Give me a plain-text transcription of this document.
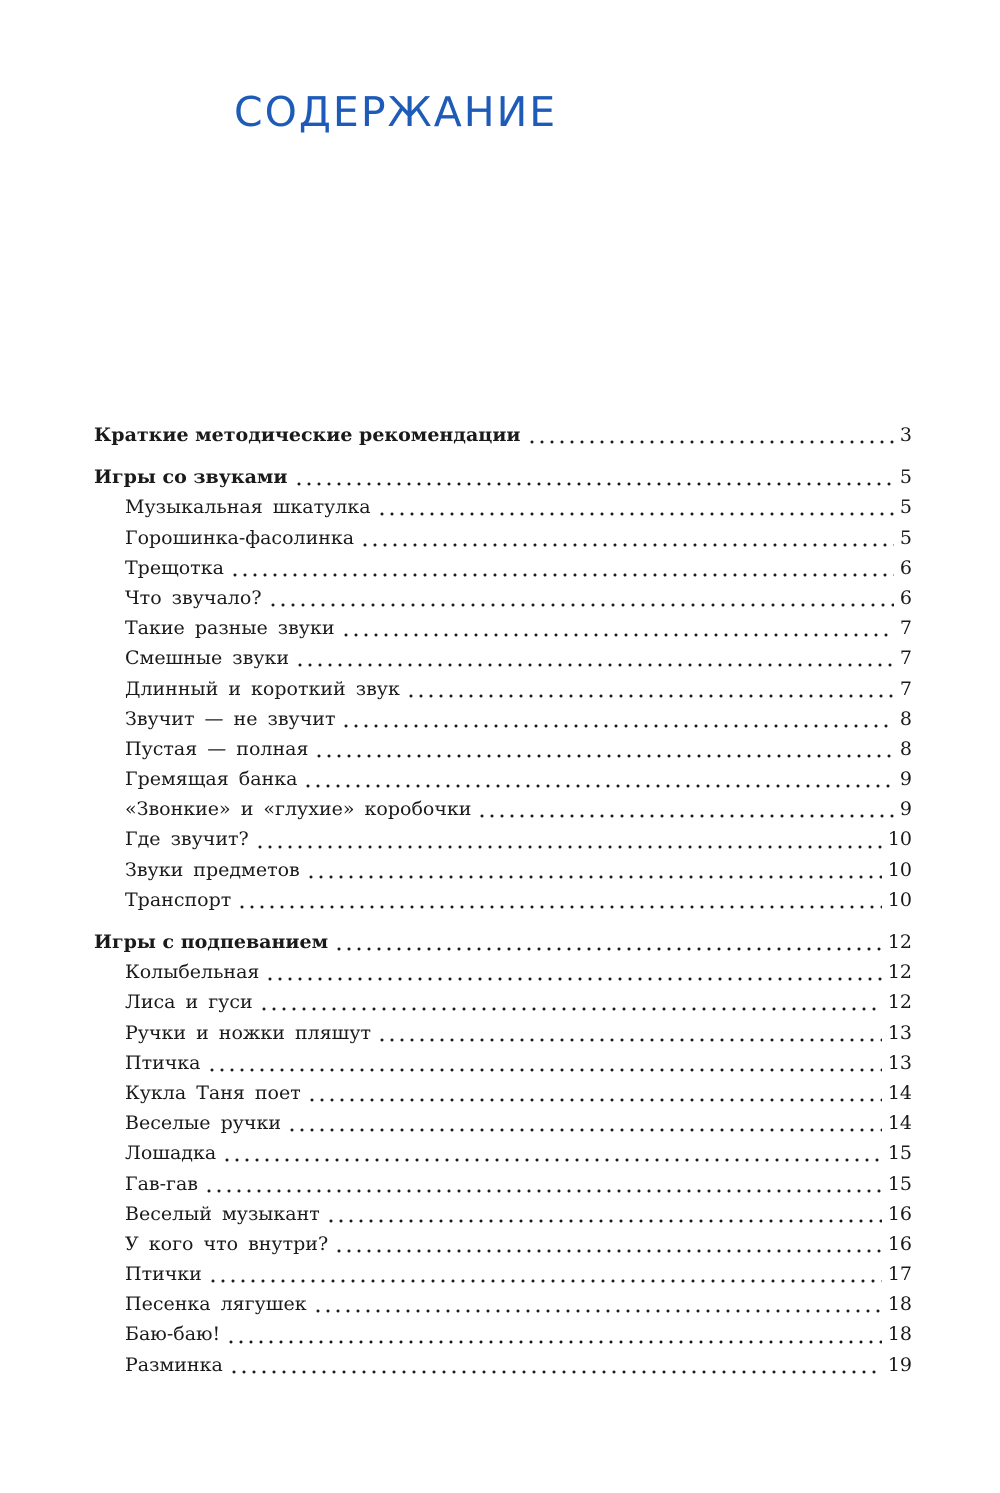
СОДЕРЖАНИЕ
Краткие методические рекомендации	3
Игры со звуками	5
Музыкальная шкатулка	5
Горошинка-фасолинка	5
Трещотка	6
Что звучало?	6
Такие разные звуки	7
Смешные звуки	7
Длинный и короткий звук	7
Звучит — не звучит	8
Пустая — полная	8
Гремящая банка	9
«Звонкие» и «глухие» коробочки	9
Где звучит?	10
Звуки предметов	10
Транспорт	10
Игры с подпеванием	12
Колыбельная	12
Лиса и гуси	12
Ручки и ножки пляшут	13
Птичка	13
Кукла Таня поет	14
Веселые ручки	14
Лошадка	15
Гав-гав	15
Веселый музыкант	16
У кого что внутри?	16
Птички	17
Песенка лягушек	18
Баю-баю!	18
Разминка	19
